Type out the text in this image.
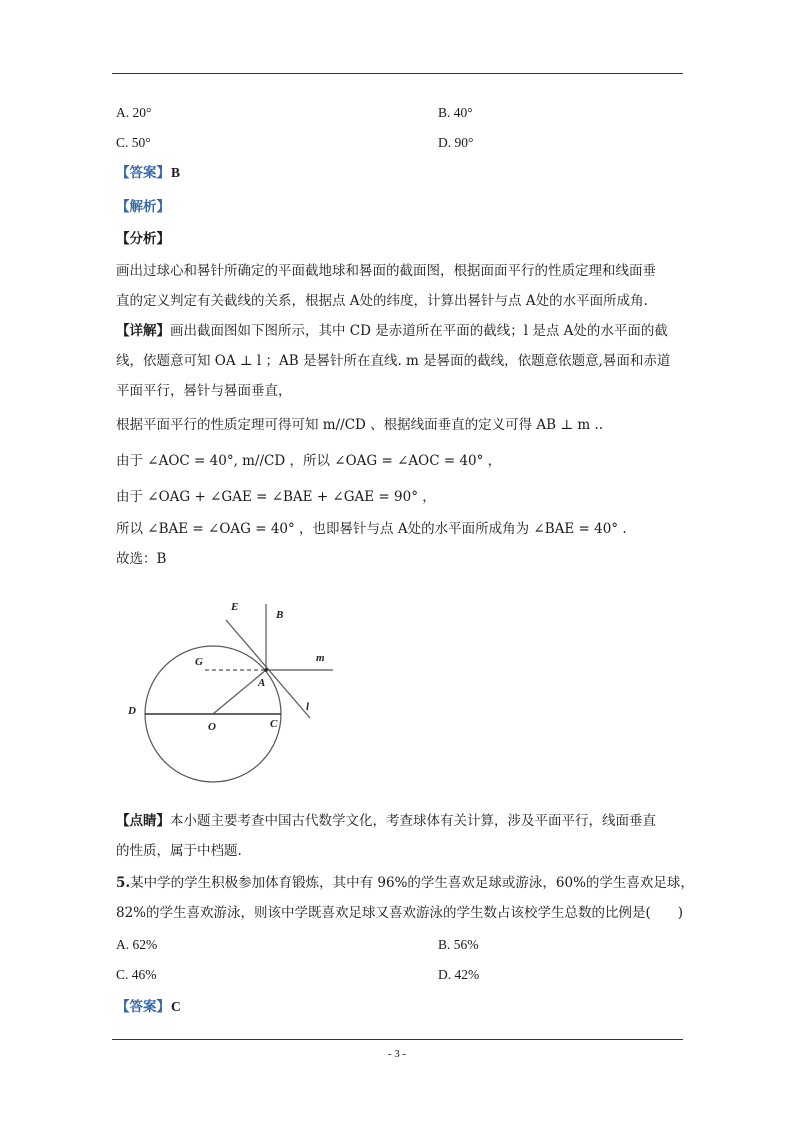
A. 20°	B. 40°
C. 50°	D. 90°
【答案】B
【解析】
【分析】
画出过球心和晷针所确定的平面截地球和晷面的截面图，根据面面平行的性质定理和线面垂
直的定义判定有关截线的关系，根据点 A处的纬度，计算出晷针与点 A处的水平面所成角.
【详解】画出截面图如下图所示，其中 CD 是赤道所在平面的截线；l 是点 A处的水平面的截
线，依题意可知 OA ⊥ l ；AB 是晷针所在直线. m 是晷面的截线，依题意依题意,晷面和赤道
平面平行，晷针与晷面垂直，
根据平面平行的性质定理可得可知 m//CD 、根据线面垂直的定义可得 AB ⊥ m ..
由于 ∠AOC = 40°, m//CD ，所以 ∠OAG = ∠AOC = 40° ，
由于 ∠OAG + ∠GAE = ∠BAE + ∠GAE = 90° ，
所以 ∠BAE = ∠OAG = 40° ，也即晷针与点 A处的水平面所成角为 ∠BAE = 40° .
故选：B
E
B
G	m
A
l
D
O	C
【点睛】本小题主要考查中国古代数学文化，考查球体有关计算，涉及平面平行，线面垂直
的性质，属于中档题.
5.某中学的学生积极参加体育锻炼，其中有 96%的学生喜欢足球或游泳，60%的学生喜欢足球，
82%的学生喜欢游泳，则该中学既喜欢足球又喜欢游泳的学生数占该校学生总数的比例是(　　)
A. 62%	B. 56%
C. 46%	D. 42%
【答案】C
- 3 -
